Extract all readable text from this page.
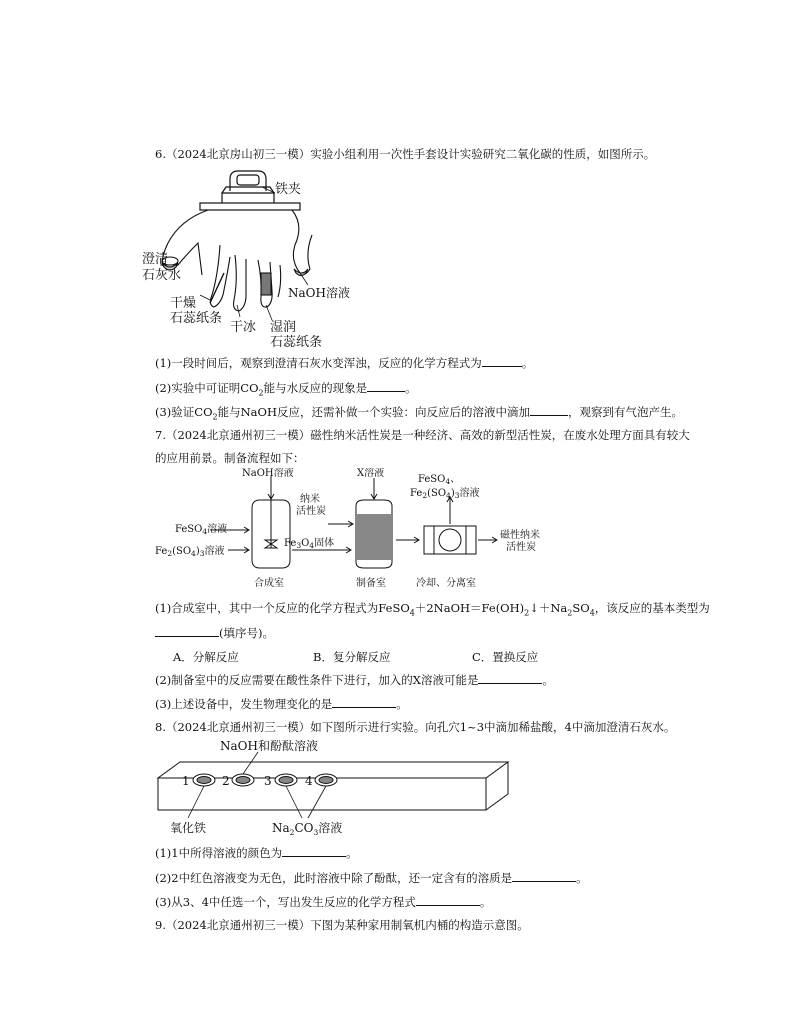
6.（2024北京房山初三一模）实验小组利用一次性手套设计实验研究二氧化碳的性质，如图所示。
铁夹
澄清
石灰水
NaOH溶液
干燥
石蕊纸条
干冰 湿润
石蕊纸条
(1)一段时间后，观察到澄清石灰水变浑浊，反应的化学方程式为	。
(2)实验中可证明$CO_2$能与水反应的现象是	。
(3)验证$CO_2$能与NaOH反应，还需补做一个实验：向反应后的溶液中滴加	，观察到有气泡产生。
7.（2024北京通州初三一模）磁性纳米活性炭是一种经济、高效的新型活性炭，在废水处理方面具有较大
的应用前景。制备流程如下：
NaOH溶液
FeSO$_4$溶液
$Fe_2(SO_4)_3$溶液
合成室
纳米
活性炭
$Fe_3O_4$固体
X溶液
制备室
FeSO$_4$、
$Fe_2(SO_4)_3$溶液
冷却、分离室
磁性纳米
活性炭
(1)合成室中，其中一个反应的化学方程式为$FeSO_4+2NaOH=Fe(OH)_2↓+Na_2SO_4$，该反应的基本类型为
(填序号)。
A．分解反应	B．复分解反应	C．置换反应
(2)制备室中的反应需要在酸性条件下进行，加入的X溶液可能是	。
(3)上述设备中，发生物理变化的是	。
8.（2024北京通州初三一模）如下图所示进行实验。向孔穴1~3中滴加稀盐酸，4中滴加澄清石灰水。
NaOH和酚酞溶液
1	2	3	4
氧化铁	$Na_2CO_3$溶液
(1)1中所得溶液的颜色为	。
(2)2中红色溶液变为无色，此时溶液中除了酚酞，还一定含有的溶质是	。
(3)从3、4中任选一个，写出发生反应的化学方程式	。
9.（2024北京通州初三一模）下图为某种家用制氧机内桶的构造示意图。
